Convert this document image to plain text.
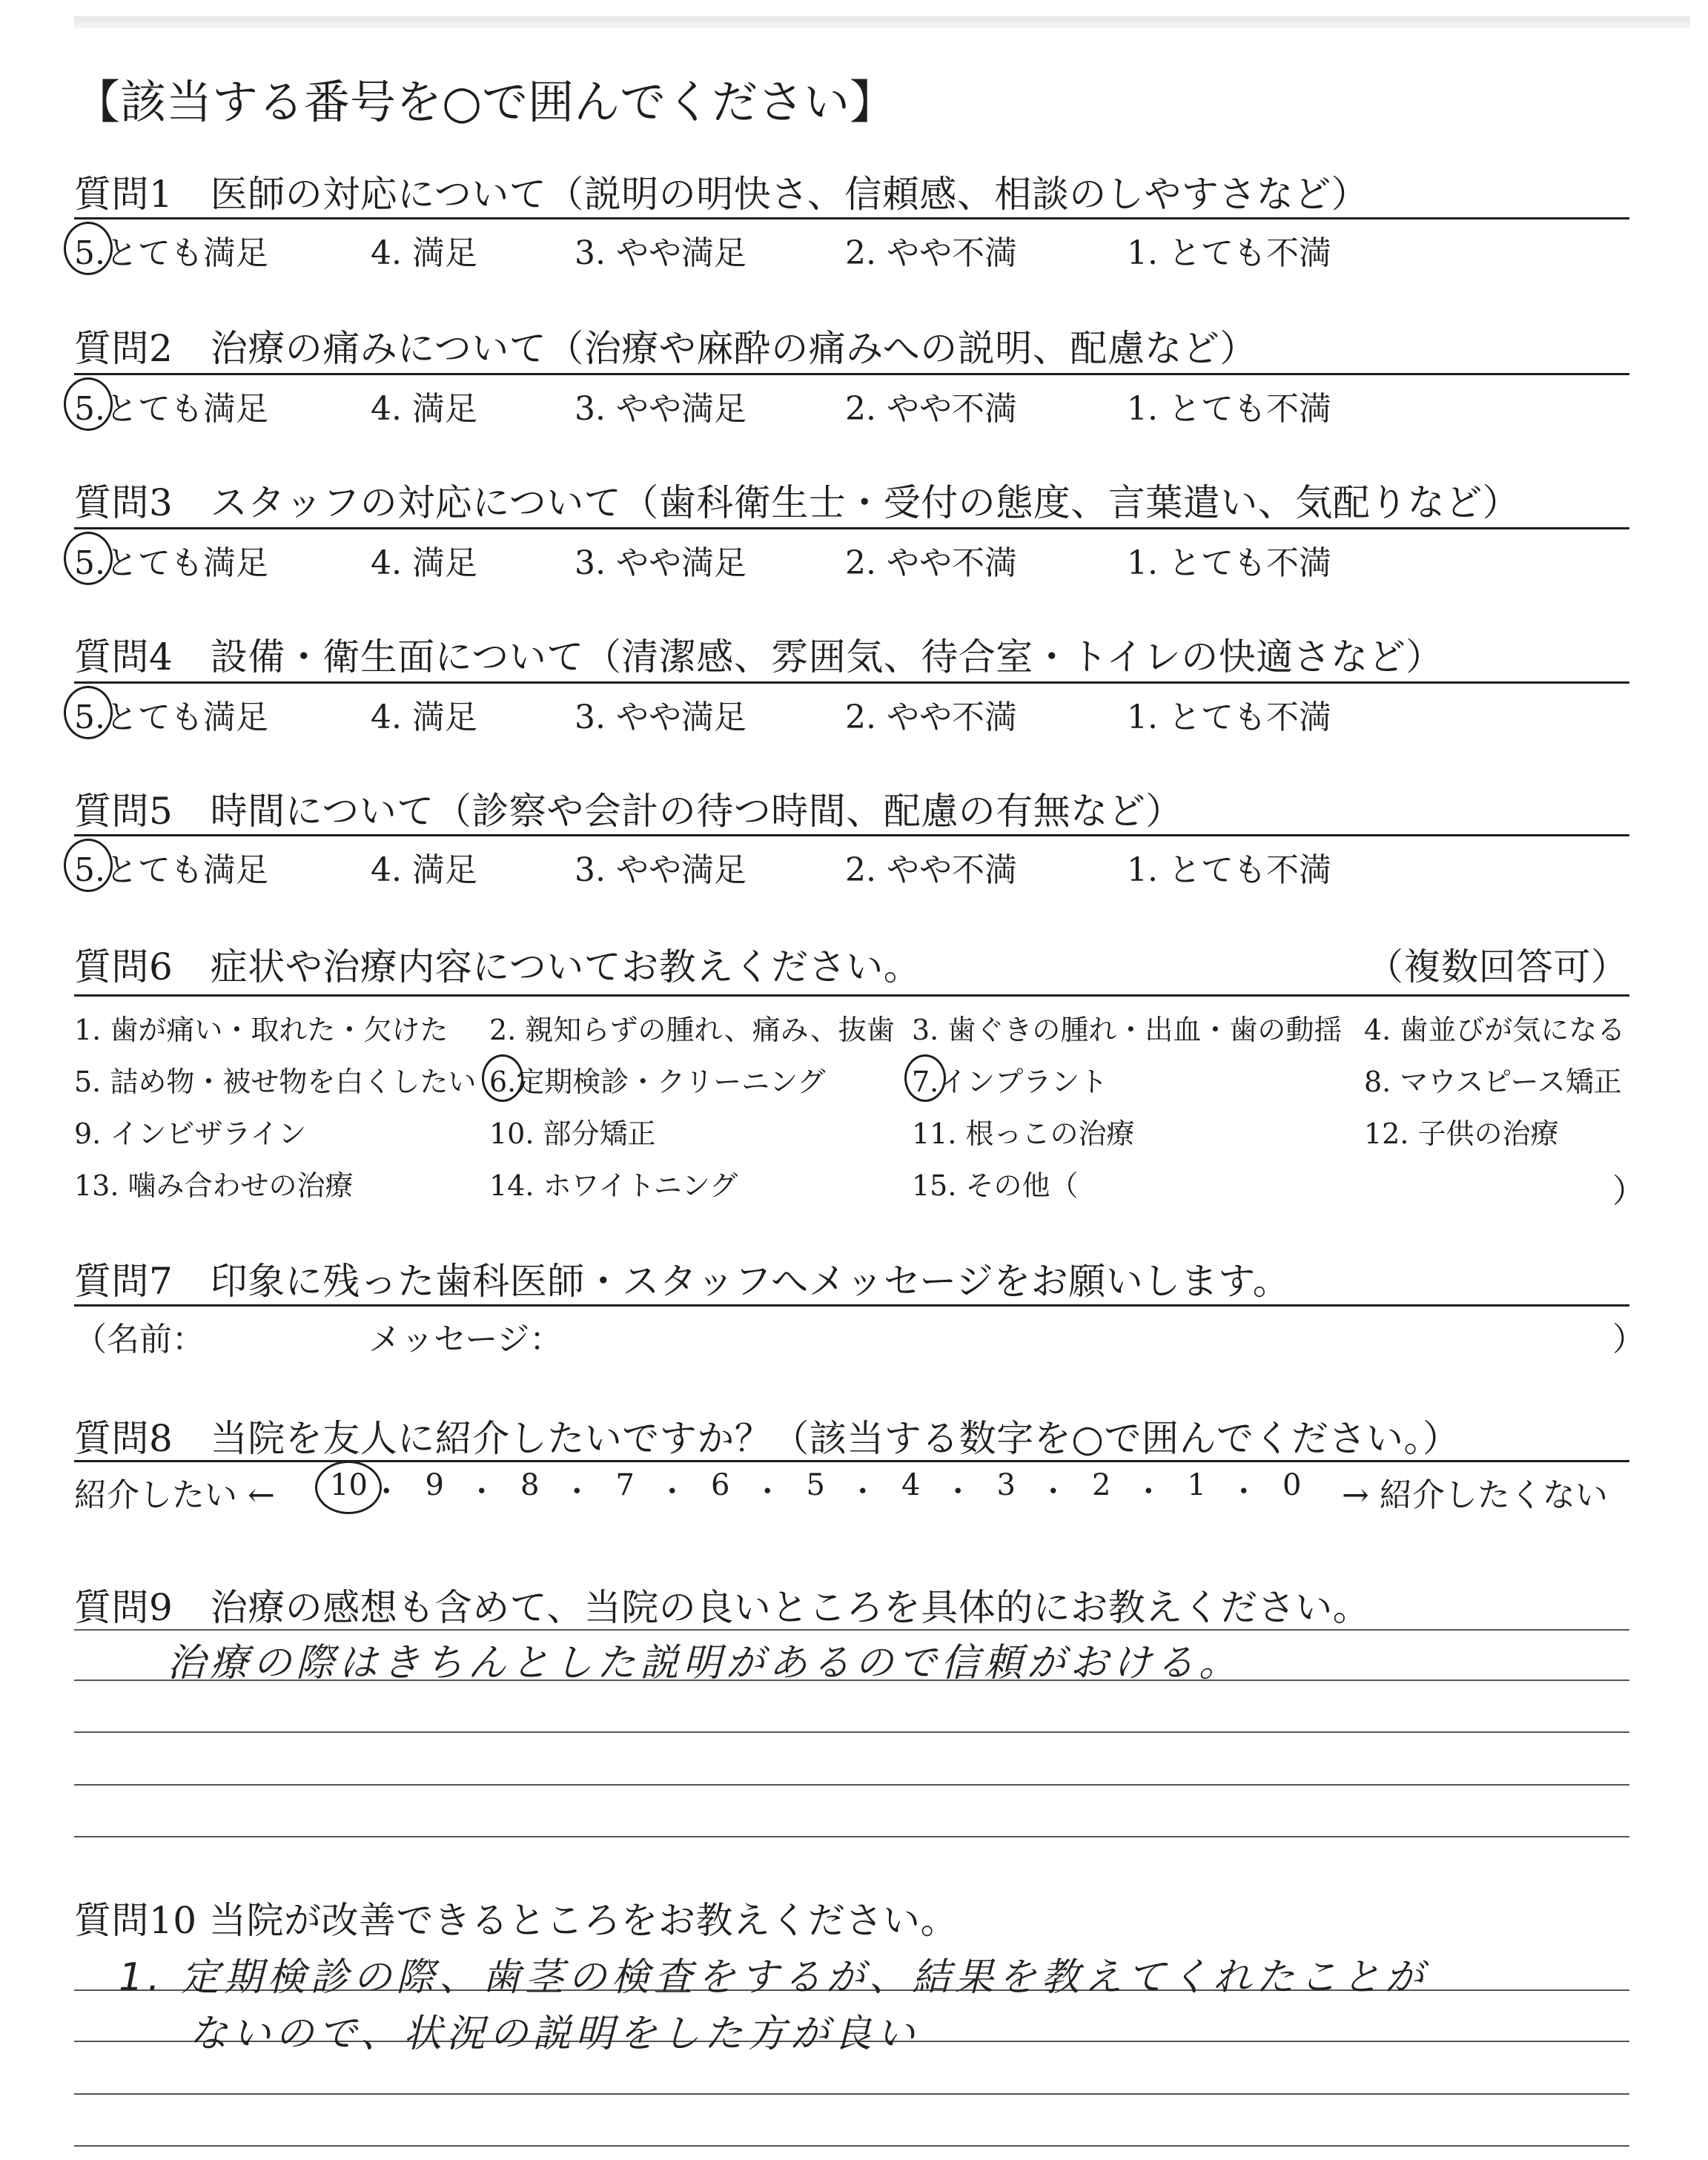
【該当する番号を○で囲んでください】
質問1　医師の対応について（説明の明快さ、信頼感、相談のしやすさなど）
5.とても満足	4. 満足	3. やや満足	2. やや不満	1. とても不満
質問2　治療の痛みについて（治療や麻酔の痛みへの説明、配慮など）
5.とても満足	4. 満足	3. やや満足	2. やや不満	1. とても不満
質問3　スタッフの対応について（歯科衛生士・受付の態度、言葉遣い、気配りなど）
5.とても満足	4. 満足	3. やや満足	2. やや不満	1. とても不満
質問4　設備・衛生面について（清潔感、雰囲気、待合室・トイレの快適さなど）
5.とても満足	4. 満足	3. やや満足	2. やや不満	1. とても不満
質問5　時間について（診察や会計の待つ時間、配慮の有無など）
5.とても満足	4. 満足	3. やや満足	2. やや不満	1. とても不満
質問6　症状や治療内容についてお教えください。	（複数回答可）
1. 歯が痛い・取れた・欠けた 2. 親知らずの腫れ、痛み、抜歯 3. 歯ぐきの腫れ・出血・歯の動揺 4. 歯並びが気になる
5. 詰め物・被せ物を白くしたい 6.定期検診・クリーニング	7.インプラント	8. マウスピース矯正
9. インビザライン	10. 部分矯正	11. 根っこの治療	12. 子供の治療
13. 噛み合わせの治療	14. ホワイトニング	15. その他（	）
質問7　印象に残った歯科医師・スタッフへメッセージをお願いします。
（名前：	メッセージ：	）
質問8　当院を友人に紹介したいですか？（該当する数字を○で囲んでください。）
紹介したい ← 10 ・ 9 ・ 8 ・ 7 ・ 6 ・ 5 ・ 4 ・ 3 ・ 2 ・ 1 ・ 0 → 紹介したくない
質問9　治療の感想も含めて、当院の良いところを具体的にお教えください。
治療の際はきちんとした説明があるので信頼がおける。
質問10 当院が改善できるところをお教えください。
1. 定期検診の際、歯茎の検査をするが、結果を教えてくれたことが
ないので、状況の説明をした方が良い
